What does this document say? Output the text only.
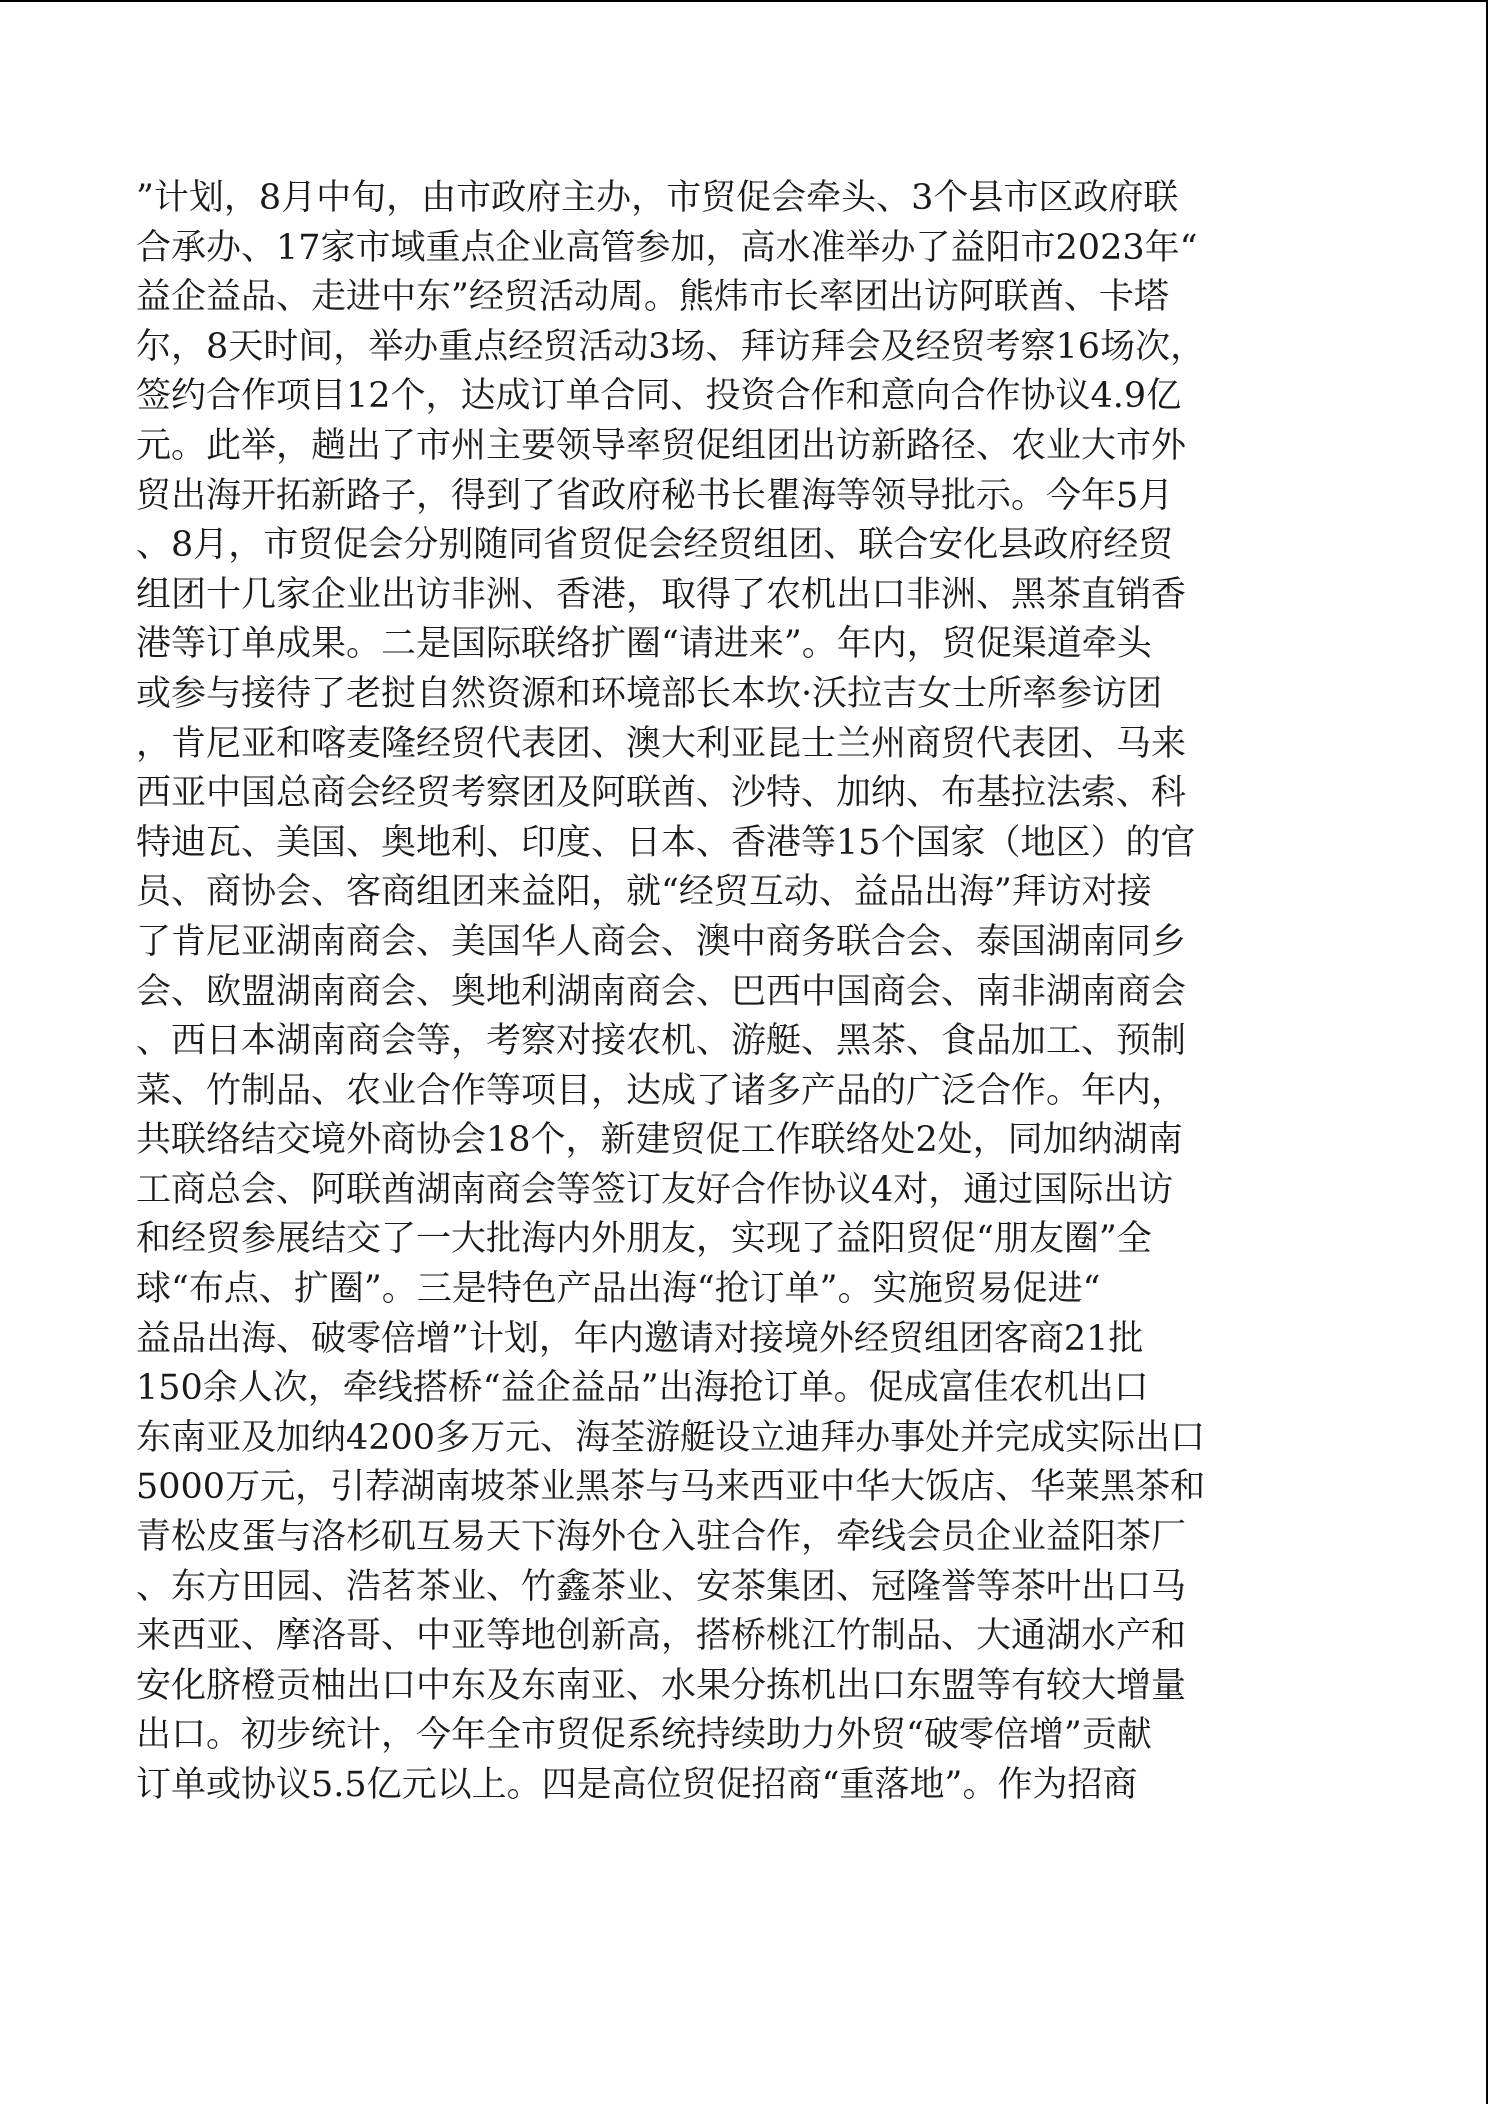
”计划，8月中旬，由市政府主办，市贸促会牵头、3个县市区政府联
合承办、17家市域重点企业高管参加，高水准举办了益阳市2023年“
益企益品、走进中东”经贸活动周。熊炜市长率团出访阿联酋、卡塔
尔，8天时间，举办重点经贸活动3场、拜访拜会及经贸考察16场次，
签约合作项目12个，达成订单合同、投资合作和意向合作协议4.9亿
元。此举，趟出了市州主要领导率贸促组团出访新路径、农业大市外
贸出海开拓新路子，得到了省政府秘书长瞿海等领导批示。今年5月
、8月，市贸促会分别随同省贸促会经贸组团、联合安化县政府经贸
组团十几家企业出访非洲、香港，取得了农机出口非洲、黑茶直销香
港等订单成果。二是国际联络扩圈“请进来”。年内，贸促渠道牵头
或参与接待了老挝自然资源和环境部长本坎·沃拉吉女士所率参访团
，肯尼亚和喀麦隆经贸代表团、澳大利亚昆士兰州商贸代表团、马来
西亚中国总商会经贸考察团及阿联酋、沙特、加纳、布基拉法索、科
特迪瓦、美国、奥地利、印度、日本、香港等15个国家（地区）的官
员、商协会、客商组团来益阳，就“经贸互动、益品出海”拜访对接
了肯尼亚湖南商会、美国华人商会、澳中商务联合会、泰国湖南同乡
会、欧盟湖南商会、奥地利湖南商会、巴西中国商会、南非湖南商会
、西日本湖南商会等，考察对接农机、游艇、黑茶、食品加工、预制
菜、竹制品、农业合作等项目，达成了诸多产品的广泛合作。年内，
共联络结交境外商协会18个，新建贸促工作联络处2处，同加纳湖南
工商总会、阿联酋湖南商会等签订友好合作协议4对，通过国际出访
和经贸参展结交了一大批海内外朋友，实现了益阳贸促“朋友圈”全
球“布点、扩圈”。三是特色产品出海“抢订单”。实施贸易促进“
益品出海、破零倍增”计划，年内邀请对接境外经贸组团客商21批
150余人次，牵线搭桥“益企益品”出海抢订单。促成富佳农机出口
东南亚及加纳4200多万元、海荃游艇设立迪拜办事处并完成实际出口
5000万元，引荐湖南坡茶业黑茶与马来西亚中华大饭店、华莱黑茶和
青松皮蛋与洛杉矶互易天下海外仓入驻合作，牵线会员企业益阳茶厂
、东方田园、浩茗茶业、竹鑫茶业、安茶集团、冠隆誉等茶叶出口马
来西亚、摩洛哥、中亚等地创新高，搭桥桃江竹制品、大通湖水产和
安化脐橙贡柚出口中东及东南亚、水果分拣机出口东盟等有较大增量
出口。初步统计，今年全市贸促系统持续助力外贸“破零倍增”贡献
订单或协议5.5亿元以上。四是高位贸促招商“重落地”。作为招商
